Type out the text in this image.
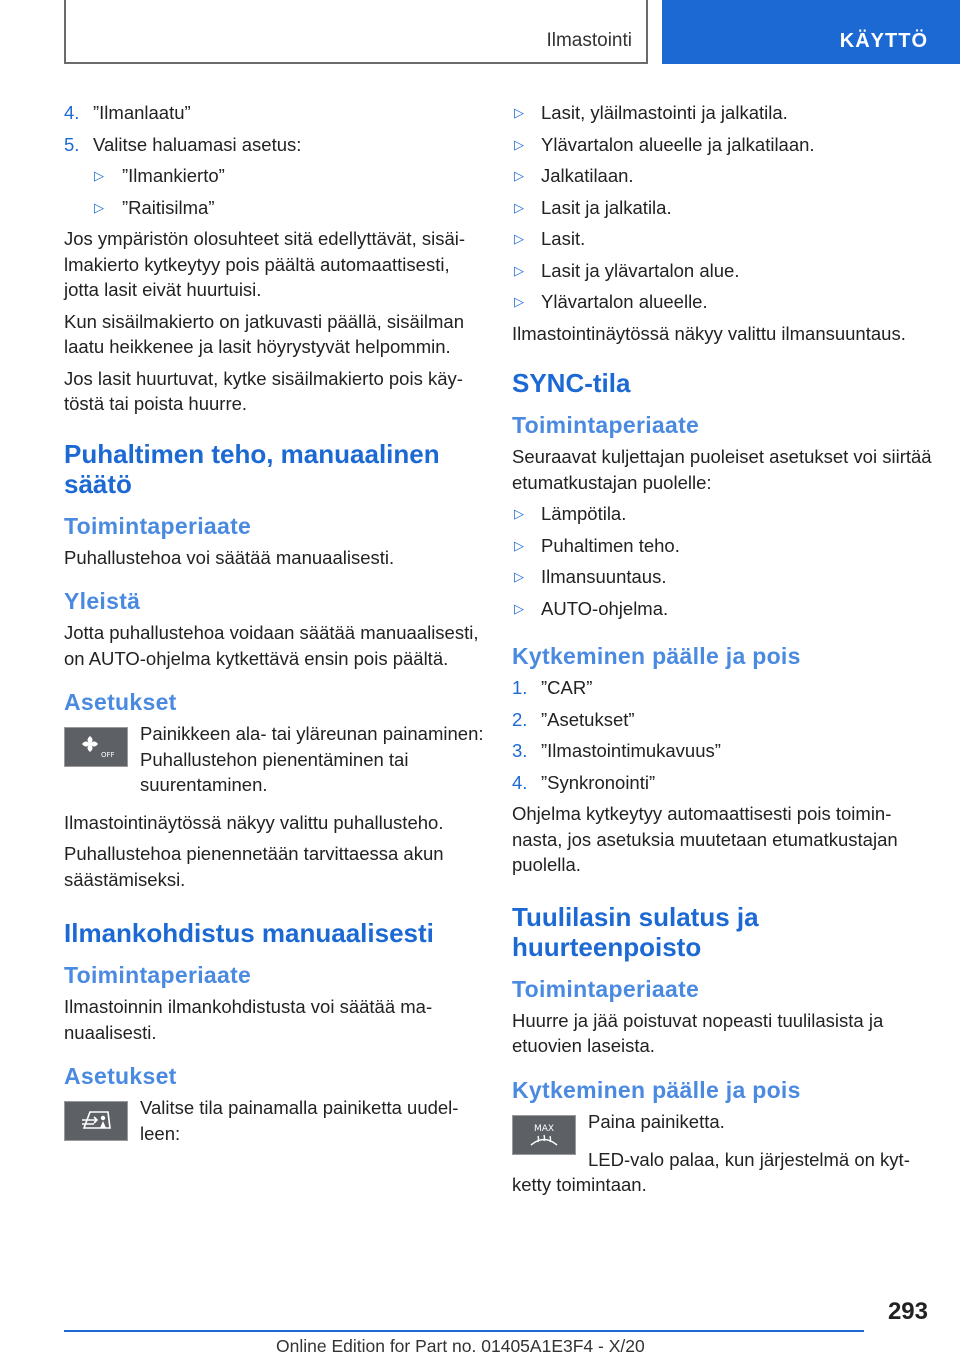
Ilmastointi	KÄYTTÖ
4. ”Ilmanlaatu”
5. Valitse haluamasi asetus:
▷ ”Ilmankierto”
▷ ”Raitisilma”

Jos ympäristön olosuhteet sitä edellyttävät, sisäilmakierto kytkeytyy pois päältä automaattisesti, jotta lasit eivät huurtuisi.

Kun sisäilmakierto on jatkuvasti päällä, sisäilman laatu heikkenee ja lasit höyrystyvät helpommin.

Jos lasit huurtuvat, kytke sisäilmakierto pois käytöstä tai poista huurre.

Puhaltimen teho, manuaalinen säätö
Toimintaperiaate

Puhallustehoa voi säätää manuaalisesti.

Yleistä

Jotta puhallustehoa voidaan säätää manuaalisesti, on AUTO-ohjelma kytkettävä ensin pois päältä.

Asetukset
OFF

Painikkeen ala- tai yläreunan painaminen: Puhallustehon pienentäminen tai suurentaminen.

Ilmastointinäytössä näkyy valittu puhallusteho.

Puhallustehoa pienennetään tarvittaessa akun säästämiseksi.

Ilmankohdistus manuaalisesti
Toimintaperiaate

Ilmastoinnin ilmankohdistusta voi säätää manuaalisesti.

Asetukset

Valitse tila painamalla painiketta uudelleen:

▷ Lasit, yläilmastointi ja jalkatila.
▷ Ylävartalon alueelle ja jalkatilaan.
▷ Jalkatilaan.
▷ Lasit ja jalkatila.
▷ Lasit.
▷ Lasit ja ylävartalon alue.
▷ Ylävartalon alueelle.

Ilmastointinäytössä näkyy valittu ilmansuuntaus.

SYNC-tila
Toimintaperiaate

Seuraavat kuljettajan puoleiset asetukset voi siirtää etumatkustajan puolelle:

▷ Lämpötila.
▷ Puhaltimen teho.
▷ Ilmansuuntaus.
▷ AUTO-ohjelma.
Kytkeminen päälle ja pois
1. ”CAR”
2. ”Asetukset”
3. ”Ilmastointimukavuus”
4. ”Synkronointi”

Ohjelma kytkeytyy automaattisesti pois toiminnasta, jos asetuksia muutetaan etumatkustajan puolella.

Tuulilasin sulatus ja huurteenpoisto
Toimintaperiaate

Huurre ja jää poistuvat nopeasti tuulilasista ja etuovien laseista.

Kytkeminen päälle ja pois
MAX	Paina painiketta.

LED-valo palaa, kun järjestelmä on kytketty toimintaan.

293
Online Edition for Part no. 01405A1E3F4 - X/20
